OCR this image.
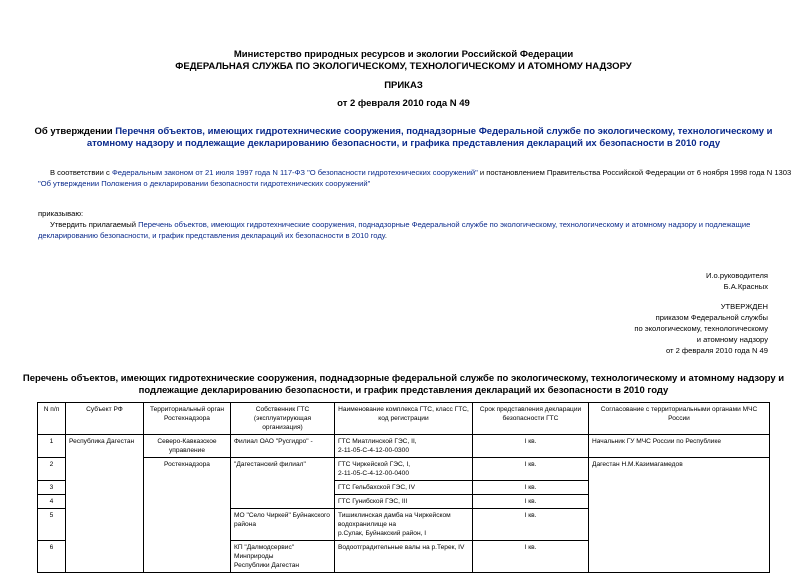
Министерство природных ресурсов и экологии Российской Федерации
ФЕДЕРАЛЬНАЯ СЛУЖБА ПО ЭКОЛОГИЧЕСКОМУ, ТЕХНОЛОГИЧЕСКОМУ И АТОМНОМУ НАДЗОРУ
ПРИКАЗ
от 2 февраля 2010 года N 49
Об утверждении Перечня объектов, имеющих гидротехнические сооружения, поднадзорные Федеральной службе по экологическому, технологическому и
атомному надзору и подлежащие декларированию безопасности, и графика представления деклараций их безопасности в 2010 году
В соответствии с Федеральным законом от 21 июля 1997 года N 117-ФЗ "О безопасности гидротехнических сооружений" и постановлением Правительства Российской Федерации от 6 ноября 1998 года N 1303
"Об утверждении Положения о декларировании безопасности гидротехнических сооружений"
приказываю:
Утвердить прилагаемый Перечень объектов, имеющих гидротехнические сооружения, поднадзорные Федеральной службе по экологическому, технологическому и атомному надзору и подлежащие
декларированию безопасности, и график представления деклараций их безопасности в 2010 году.
И.о.руководителя
Б.А.Красных
УТВЕРЖДЕН
приказом Федеральной службы
по экологическому, технологическому
и атомному надзору
от 2 февраля 2010 года N 49
Перечень объектов, имеющих гидротехнические сооружения, поднадзорные федеральной службе по экологическому, технологическому и атомному надзору и
подлежащие декларированию безопасности, и график представления деклараций их безопасности в 2010 году
N п/п	Субъект РФ	Территориальный орган Ростехнадзора	Собственник ГТС (эксплуатирующая организация)	Наименование комплекса ГТС, класс ГТС, код регистрации	Срок представления декларации безопасности ГТС	Согласование с территориальными органами МЧС России
1	Республика Дагестан	Северо-Кавказское управление	Филиал ОАО "Русгидро" -	ГТС Миатлинской ГЭС, II,
2-11-05-С-4-12-00-0300	I кв.	Начальник ГУ МЧС России по Республике
2		Ростехнадзора	"Дагестанский филиал"	ГТС Чиркейской ГЭС, I,
2-11-05-С-4-12-00-0400	I кв.	Дагестан Н.М.Казимагамедов
3				ГТС Гельбахской ГЭС, IV	I кв.	
4				ГТС Гунибской ГЭС, III	I кв.	
5			МО "Село Чиркей" Буйнакского района	Тишиклинская дамба на Чиркейском водохранилище на
р.Сулак, Буйнакский район, I	I кв.	
6			КП "Далмодсервис" Минприроды
Республики Дагестан	Водоотградительные валы на р.Терек, IV	I кв.	
